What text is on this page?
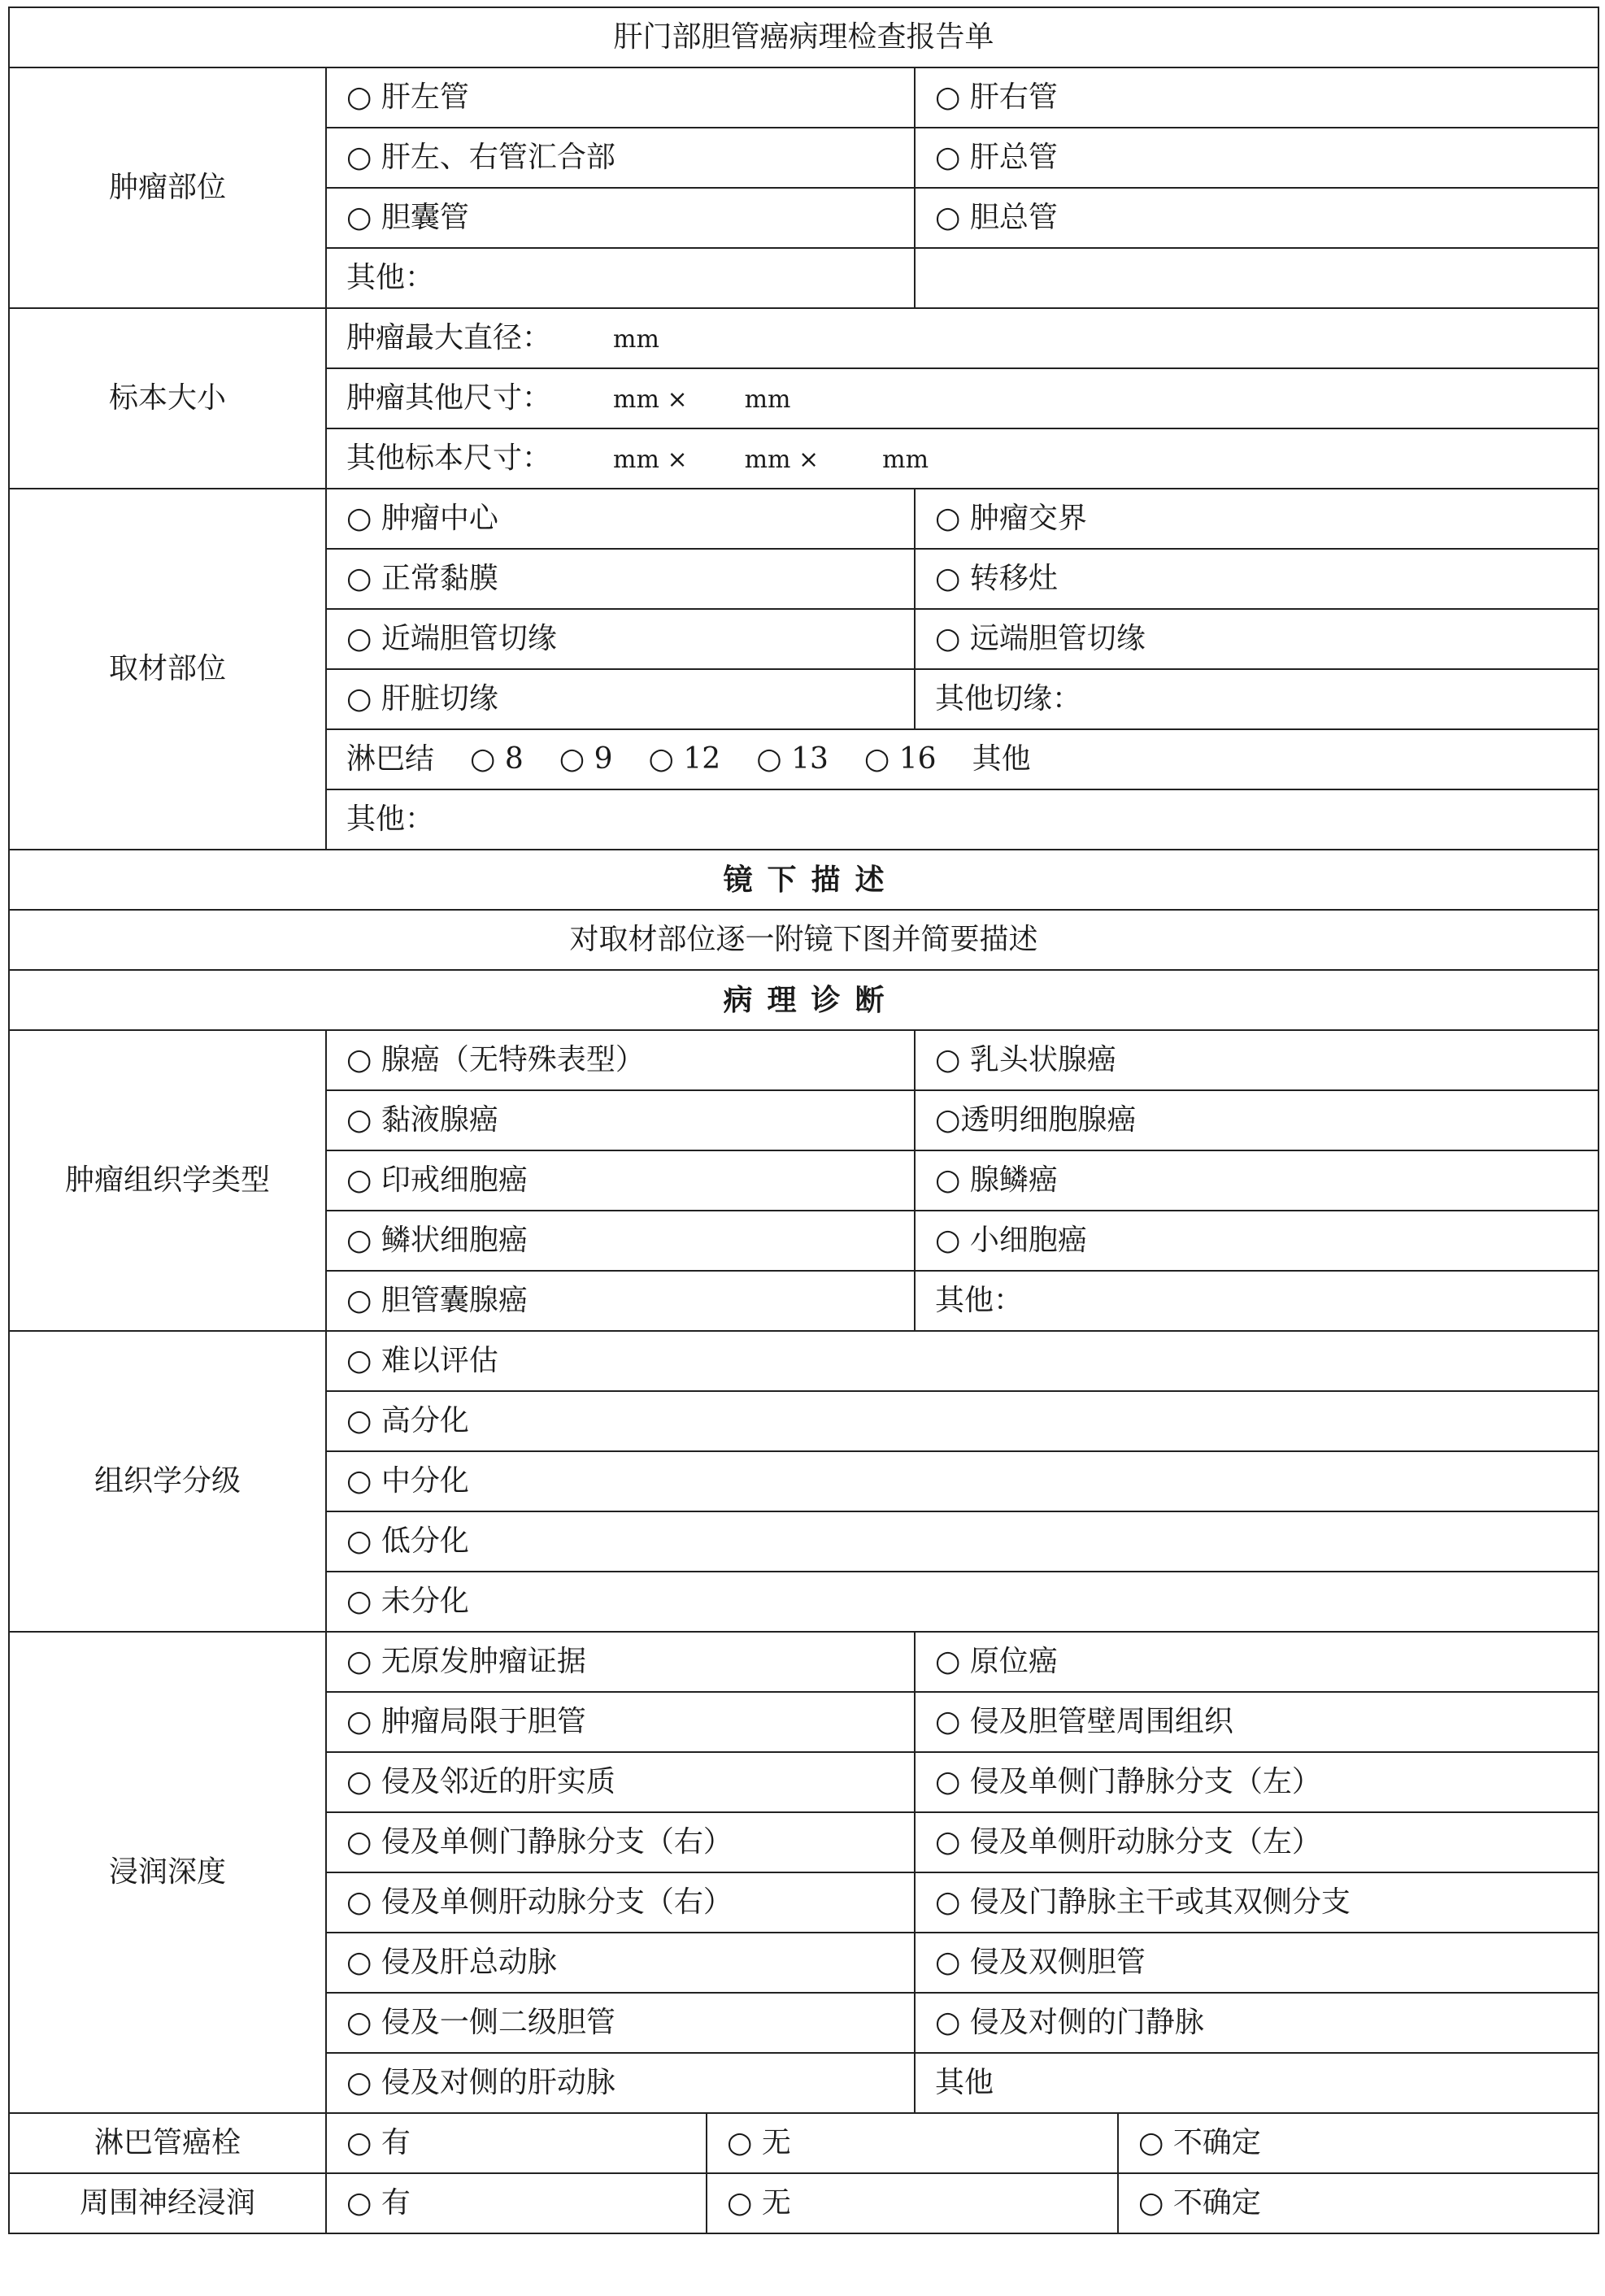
肝门部胆管癌病理检查报告单				
肿瘤部位	○ 肝左管		○ 肝右管	
	○ 肝左、右管汇合部		○ 肝总管	
	○ 胆囊管		○ 胆总管	
	其他：			
标本大小	肿瘤最大直径： mm			
	肿瘤其他尺寸： mm × mm			
	其他标本尺寸： mm × mm × mm			
取材部位	○ 肿瘤中心		○ 肿瘤交界	
	○ 正常黏膜		○ 转移灶	
	○ 近端胆管切缘		○ 远端胆管切缘	
	○ 肝脏切缘		其他切缘：	
	淋巴结 ○ 8 ○ 9 ○ 12 ○ 13 ○ 16 其他			
	其他：			
镜下描述				
对取材部位逐一附镜下图并简要描述				
病理诊断				
肿瘤组织学类型	○ 腺癌（无特殊表型）		○ 乳头状腺癌	
	○ 黏液腺癌		○透明细胞腺癌	
	○ 印戒细胞癌		○ 腺鳞癌	
	○ 鳞状细胞癌		○ 小细胞癌	
	○ 胆管囊腺癌		其他：	
组织学分级	○ 难以评估			
	○ 高分化			
	○ 中分化			
	○ 低分化			
	○ 未分化			
浸润深度	○ 无原发肿瘤证据		○ 原位癌	
	○ 肿瘤局限于胆管		○ 侵及胆管壁周围组织	
	○ 侵及邻近的肝实质		○ 侵及单侧门静脉分支（左）	
	○ 侵及单侧门静脉分支（右）		○ 侵及单侧肝动脉分支（左）	
	○ 侵及单侧肝动脉分支（右）		○ 侵及门静脉主干或其双侧分支	
	○ 侵及肝总动脉		○ 侵及双侧胆管	
	○ 侵及一侧二级胆管		○ 侵及对侧的门静脉	
	○ 侵及对侧的肝动脉		其他	
淋巴管癌栓	○ 有	○ 无		○ 不确定
周围神经浸润	○ 有	○ 无		○ 不确定
